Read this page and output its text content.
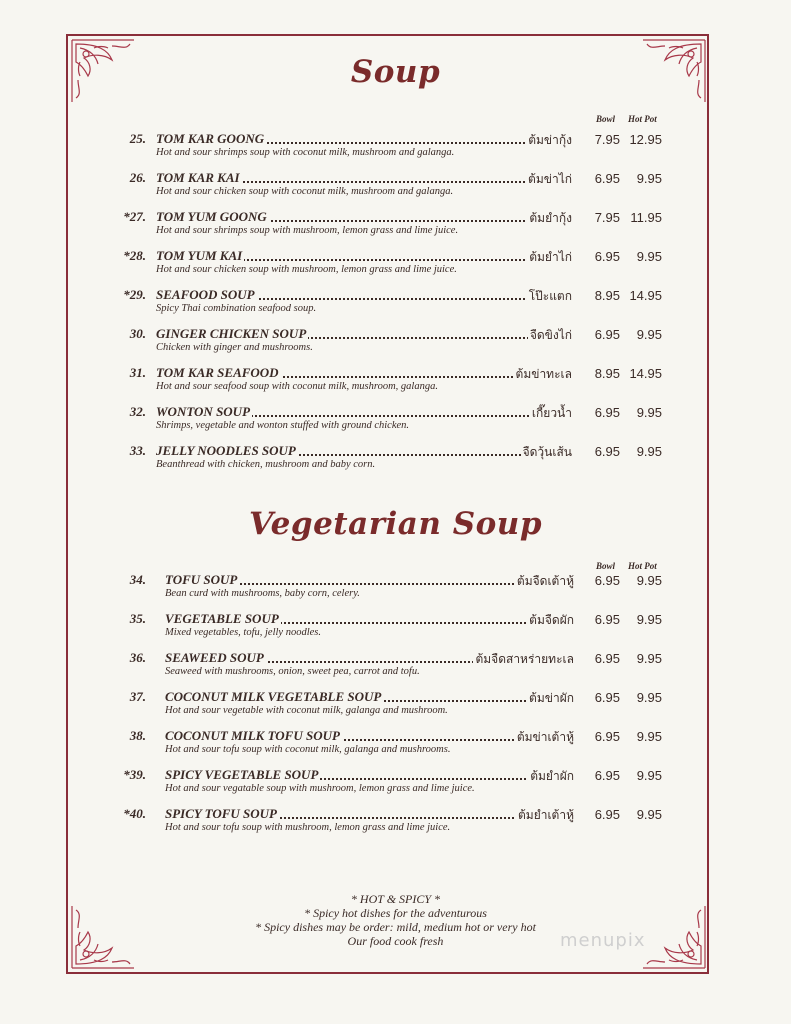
Soup
Bowl Hot Pot
25. TOM KAR GOONG	ต้มข่ากุ้ง
Hot and sour shrimps soup with coconut milk, mushroom and galanga.
7.95 12.95
26. TOM KAR KAI	ต้มข่าไก่
Hot and sour chicken soup with coconut milk, mushroom and galanga.
6.95	9.95
*27. TOM YUM GOONG	ต้มยำกุ้ง
Hot and sour shrimps soup with mushroom, lemon grass and lime juice.
7.95 11.95
*28. TOM YUM KAI	ต้มยำไก่
Hot and sour chicken soup with mushroom, lemon grass and lime juice.
6.95	9.95
*29. SEAFOOD SOUP	โป๊ะแตก
Spicy Thai combination seafood soup.
8.95 14.95
30. GINGER CHICKEN SOUP	จืดขิงไก่
Chicken with ginger and mushrooms.
6.95	9.95
31. TOM KAR SEAFOOD	ต้มข่าทะเล
Hot and sour seafood soup with coconut milk, mushroom, galanga.
8.95 14.95
32. WONTON SOUP	เกี๊ยวน้ำ
Shrimps, vegetable and wonton stuffed with ground chicken.
6.95	9.95
33. JELLY NOODLES SOUP	จืดวุ้นเส้น
Beanthread with chicken, mushroom and baby corn.
6.95	9.95
Vegetarian Soup
Bowl Hot Pot
34. TOFU SOUP	ต้มจืดเต้าหู้
Bean curd with mushrooms, baby corn, celery.
6.95	9.95
35. VEGETABLE SOUP	ต้มจืดผัก
Mixed vegetables, tofu, jelly noodles.
6.95	9.95
36. SEAWEED SOUP	ต้มจืดสาหร่ายทะเล
Seaweed with mushrooms, onion, sweet pea, carrot and tofu.
6.95	9.95
37. COCONUT MILK VEGETABLE SOUP	ต้มข่าผัก
Hot and sour vegetable with coconut milk, galanga and mushroom.
6.95	9.95
38. COCONUT MILK TOFU SOUP	ต้มข่าเต้าหู้
Hot and sour tofu soup with coconut milk, galanga and mushrooms.
6.95	9.95
*39. SPICY VEGETABLE SOUP	ต้มยำผัก
Hot and sour vegatable soup with mushroom, lemon grass and lime juice.
6.95	9.95
*40. SPICY TOFU SOUP	ต้มยำเต้าหู้
Hot and sour tofu soup with mushroom, lemon grass and lime juice.
6.95	9.95
* HOT & SPICY *
* Spicy hot dishes for the adventurous
* Spicy dishes may be order: mild, medium hot or very hot
Our food cook fresh	menupix
